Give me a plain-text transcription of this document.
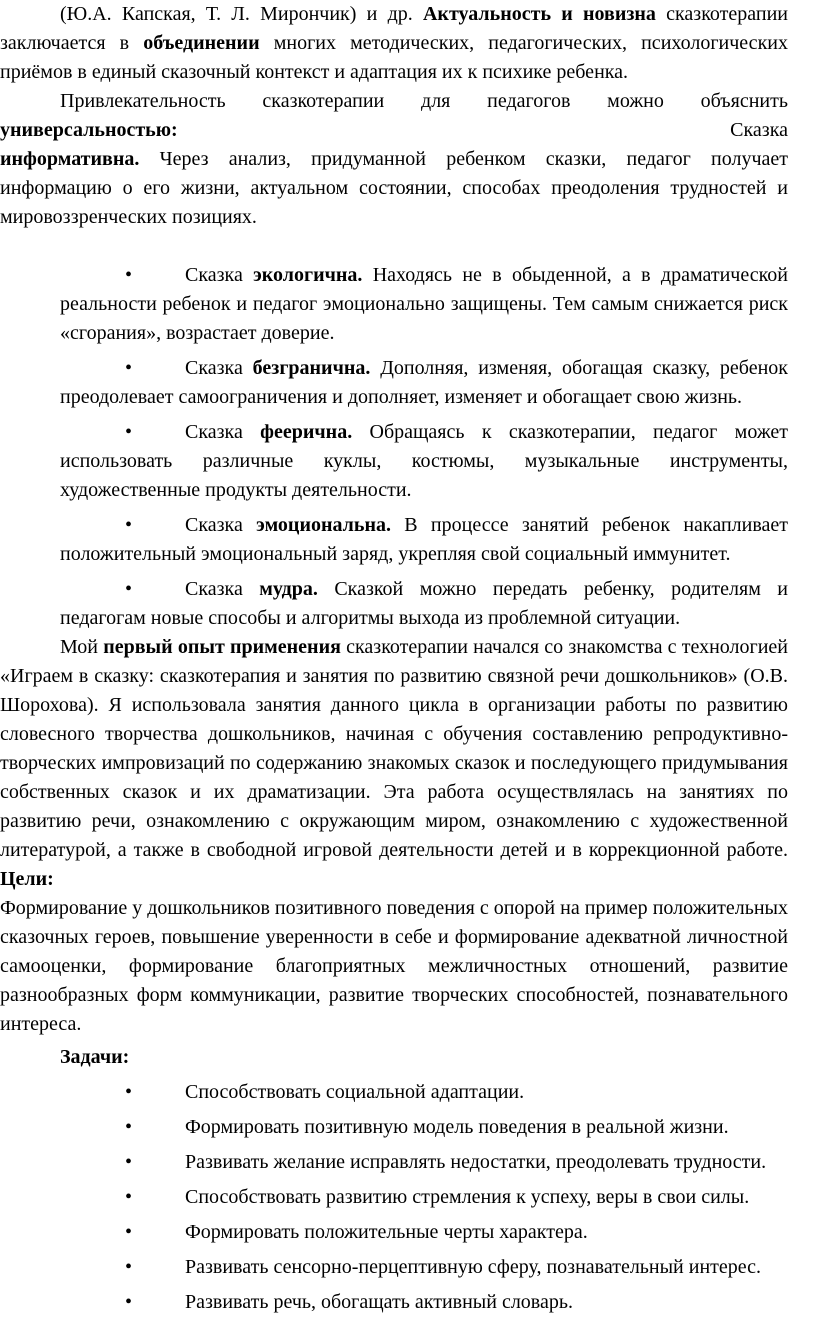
(Ю.А. Капская, Т. Л. Мирончик) и др. Актуальность и новизна сказкотерапии заключается в объединении многих методических, педагогических, психологических приёмов в единый сказочный контекст и адаптация их к психике ребенка.

Привлекательность сказкотерапии для педагогов можно объяснить универсальностью: Сказка

информативна. Через анализ, придуманной ребенком сказки, педагог получает информацию о его жизни, актуальном состоянии, способах преодоления трудностей и мировоззренческих позициях.

•	Сказка экологична. Находясь не в обыденной, а в драматической реальности ребенок и педагог эмоционально защищены. Тем самым снижается риск «сгорания», возрастает доверие.

•	Сказка безгранична. Дополняя, изменяя, обогащая сказку, ребенок преодолевает самоограничения и дополняет, изменяет и обогащает свою жизнь.

•	Сказка фееричнa. Обращаясь к сказкотерапии, педагог может использовать различные куклы, костюмы, музыкальные инструменты, художественные продукты деятельности.

•	Сказка эмоциональна. В процессе занятий ребенок накапливает положительный эмоциональный заряд, укрепляя свой социальный иммунитет.

•	Сказка мудра. Сказкой можно передать ребенку, родителям и педагогам новые способы и алгоритмы выхода из проблемной ситуации.

Мой первый опыт применения сказкотерапии начался со знакомства с технологией «Играем в сказку: сказкотерапия и занятия по развитию связной речи дошкольников» (О.В. Шорохова). Я использовала занятия данного цикла в организации работы по развитию словесного творчества дошкольников, начиная с обучения составлению репродуктивно-творческих импровизаций по содержанию знакомых сказок и последующего придумывания собственных сказок и их драматизации. Эта работа осуществлялась на занятиях по развитию речи, ознакомлению с окружающим миром, ознакомлению с художественной литературой, а также в свободной игровой деятельности детей и в коррекционной работе. Цели:

Формирование у дошкольников позитивного поведения с опорой на пример положительных сказочных героев, повышение уверенности в себе и формирование адекватной личностной самооценки, формирование благоприятных межличностных отношений, развитие разнообразных форм коммуникации, развитие творческих способностей, познавательного интереса.

Задачи:

•	Способствовать социальной адаптации.
•	Формировать позитивную модель поведения в реальной жизни.
•	Развивать желание исправлять недостатки, преодолевать трудности.
•	Способствовать развитию стремления к успеху, веры в свои силы.
•	Формировать положительные черты характера.
•	Развивать сенсорно-перцептивную сферу, познавательный интерес.
•	Развивать речь, обогащать активный словарь.
